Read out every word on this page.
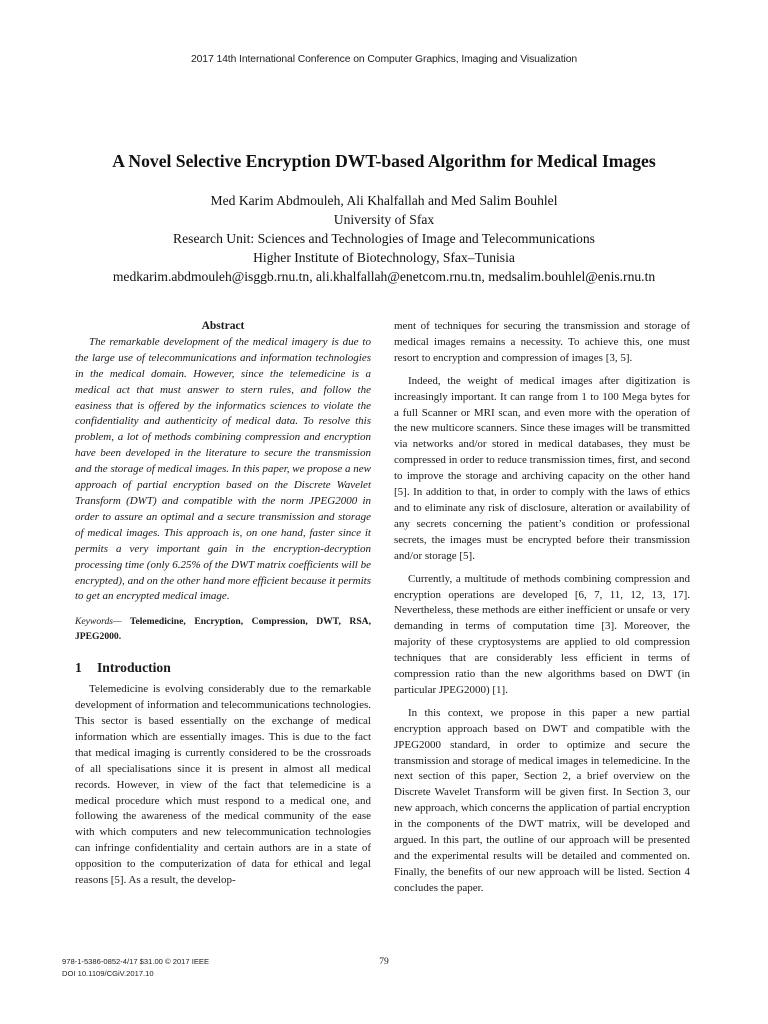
2017 14th International Conference on Computer Graphics, Imaging and Visualization
A Novel Selective Encryption DWT-based Algorithm for Medical Images
Med Karim Abdmouleh, Ali Khalfallah and Med Salim Bouhlel
University of Sfax
Research Unit: Sciences and Technologies of Image and Telecommunications
Higher Institute of Biotechnology, Sfax–Tunisia
medkarim.abdmouleh@isggb.rnu.tn, ali.khalfallah@enetcom.rnu.tn, medsalim.bouhlel@enis.rnu.tn

Abstract

The remarkable development of the medical imagery is due to the large use of telecommunications and information technologies in the medical domain. However, since the telemedicine is a medical act that must answer to stern rules, and follow the easiness that is offered by the informatics sciences to violate the confidentiality and authenticity of medical data. To resolve this problem, a lot of methods combining compression and encryption have been developed in the literature to secure the transmission and the storage of medical images. In this paper, we propose a new approach of partial encryption based on the Discrete Wavelet Transform (DWT) and compatible with the norm JPEG2000 in order to assure an optimal and a secure transmission and storage of medical images. This approach is, on one hand, faster since it permits a very important gain in the encryption-decryption processing time (only 6.25% of the DWT matrix coefficients will be encrypted), and on the other hand more efficient because it permits to get an encrypted medical image.

Keywords— Telemedicine, Encryption, Compression, DWT, RSA, JPEG2000.

1 Introduction

Telemedicine is evolving considerably due to the remarkable development of information and telecommunications technologies. This sector is based essentially on the exchange of medical information which are essentially images. This is due to the fact that medical imaging is currently considered to be the crossroads of all specialisations since it is present in almost all medical records. However, in view of the fact that telemedicine is a medical procedure which must respond to a medical one, and following the awareness of the medical community of the ease with which computers and new telecommunication technologies can infringe confidentiality and certain authors are in a state of opposition to the computerization of data for ethical and legal reasons [5]. As a result, the develop-

ment of techniques for securing the transmission and storage of medical images remains a necessity. To achieve this, one must resort to encryption and compression of images [3, 5].

Indeed, the weight of medical images after digitization is increasingly important. It can range from 1 to 100 Mega bytes for a full Scanner or MRI scan, and even more with the operation of the new multicore scanners. Since these images will be transmitted via networks and/or stored in medical databases, they must be compressed in order to reduce transmission times, first, and second to improve the storage and archiving capacity on the other hand [5]. In addition to that, in order to comply with the laws of ethics and to eliminate any risk of disclosure, alteration or availability of any secrets concerning the patient’s condition or professional secrets, the images must be encrypted before their transmission and/or storage [5].

Currently, a multitude of methods combining compression and encryption operations are developed [6, 7, 11, 12, 13, 17]. Nevertheless, these methods are either inefficient or unsafe or very demanding in terms of computation time [3]. Moreover, the majority of these cryptosystems are applied to old compression techniques that are considerably less efficient in terms of compression ratio than the new algorithms based on DWT (in particular JPEG2000) [1].

In this context, we propose in this paper a new partial encryption approach based on DWT and compatible with the JPEG2000 standard, in order to optimize and secure the transmission and storage of medical images in telemedicine. In the next section of this paper, Section 2, a brief overview on the Discrete Wavelet Transform will be given first. In Section 3, our new approach, which concerns the application of partial encryption in the components of the DWT matrix, will be developed and argued. In this part, the outline of our approach will be presented and the experimental results will be detailed and commented on. Finally, the benefits of our new approach will be listed. Section 4 concludes the paper.

978-1-5386-0852-4/17 $31.00 © 2017 IEEE
DOI 10.1109/CGiV.2017.10
79
